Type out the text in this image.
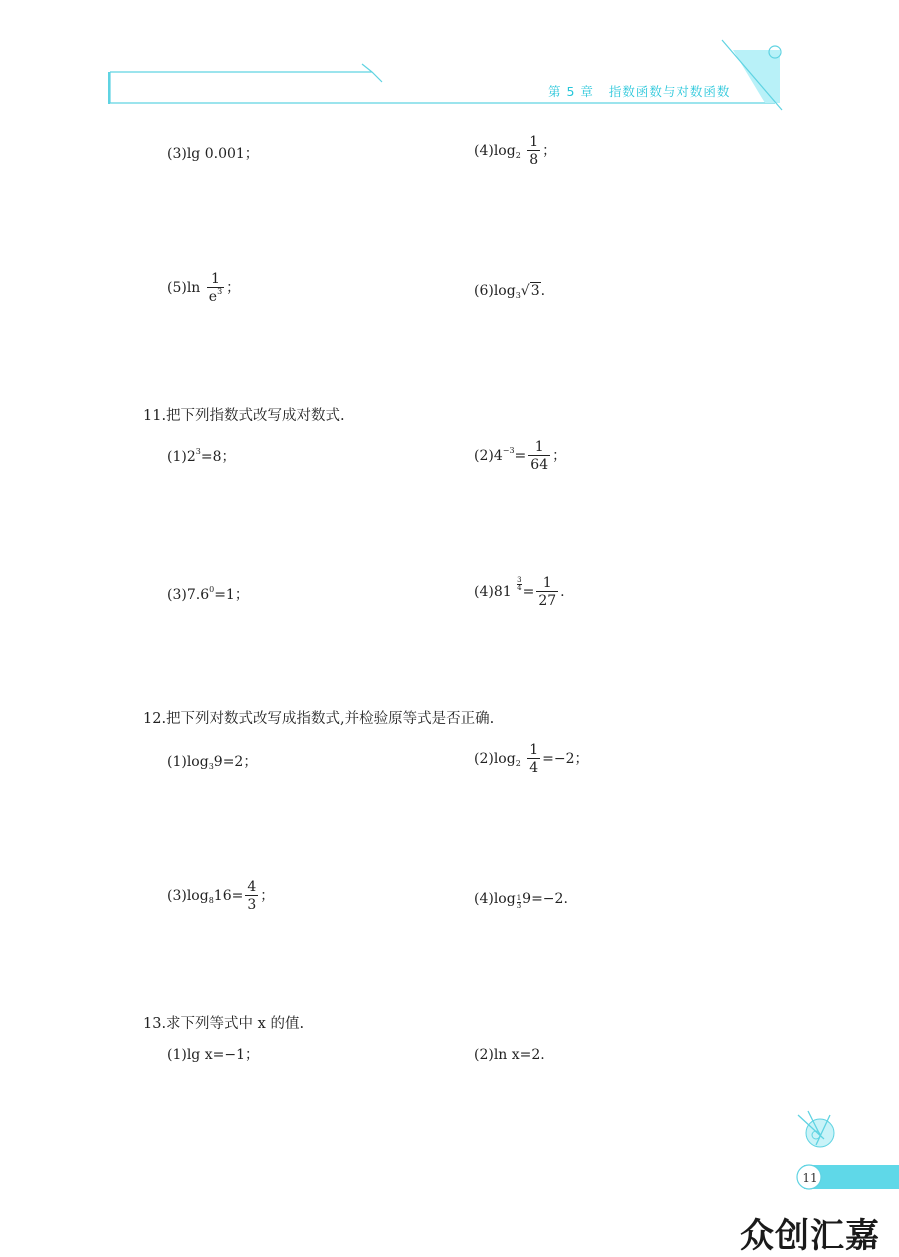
第 5 章 指数函数与对数函数
(3)lg 0.001；	$(4)\log_2 \frac{1}{8}$ ；
$(5)\ln \frac{1}{e^3}$ ；	$(6)\log_3√3$.
11.把下列指数式改写成对数式.
$(1)2^3=8$；	$(2)4^{-3}= \frac{1}{64}$ ；
$(3)7.6^0=1$；	$(4)81 \frac{3}{4} = \frac{1}{27}$ .
12.把下列对数式改写成指数式,并检验原等式是否正确.
$(1)\log_39=2$；	$(2)\log_2 \frac{1}{4} =-2$；
$(3)\log_816= \frac{4}{3}$ ；	$(4)\log \frac{1}{3} 9=-2$.
13.求下列等式中 x 的值.
(1)lg x=−1；	(2)ln x=2.
11
众创汇嘉
